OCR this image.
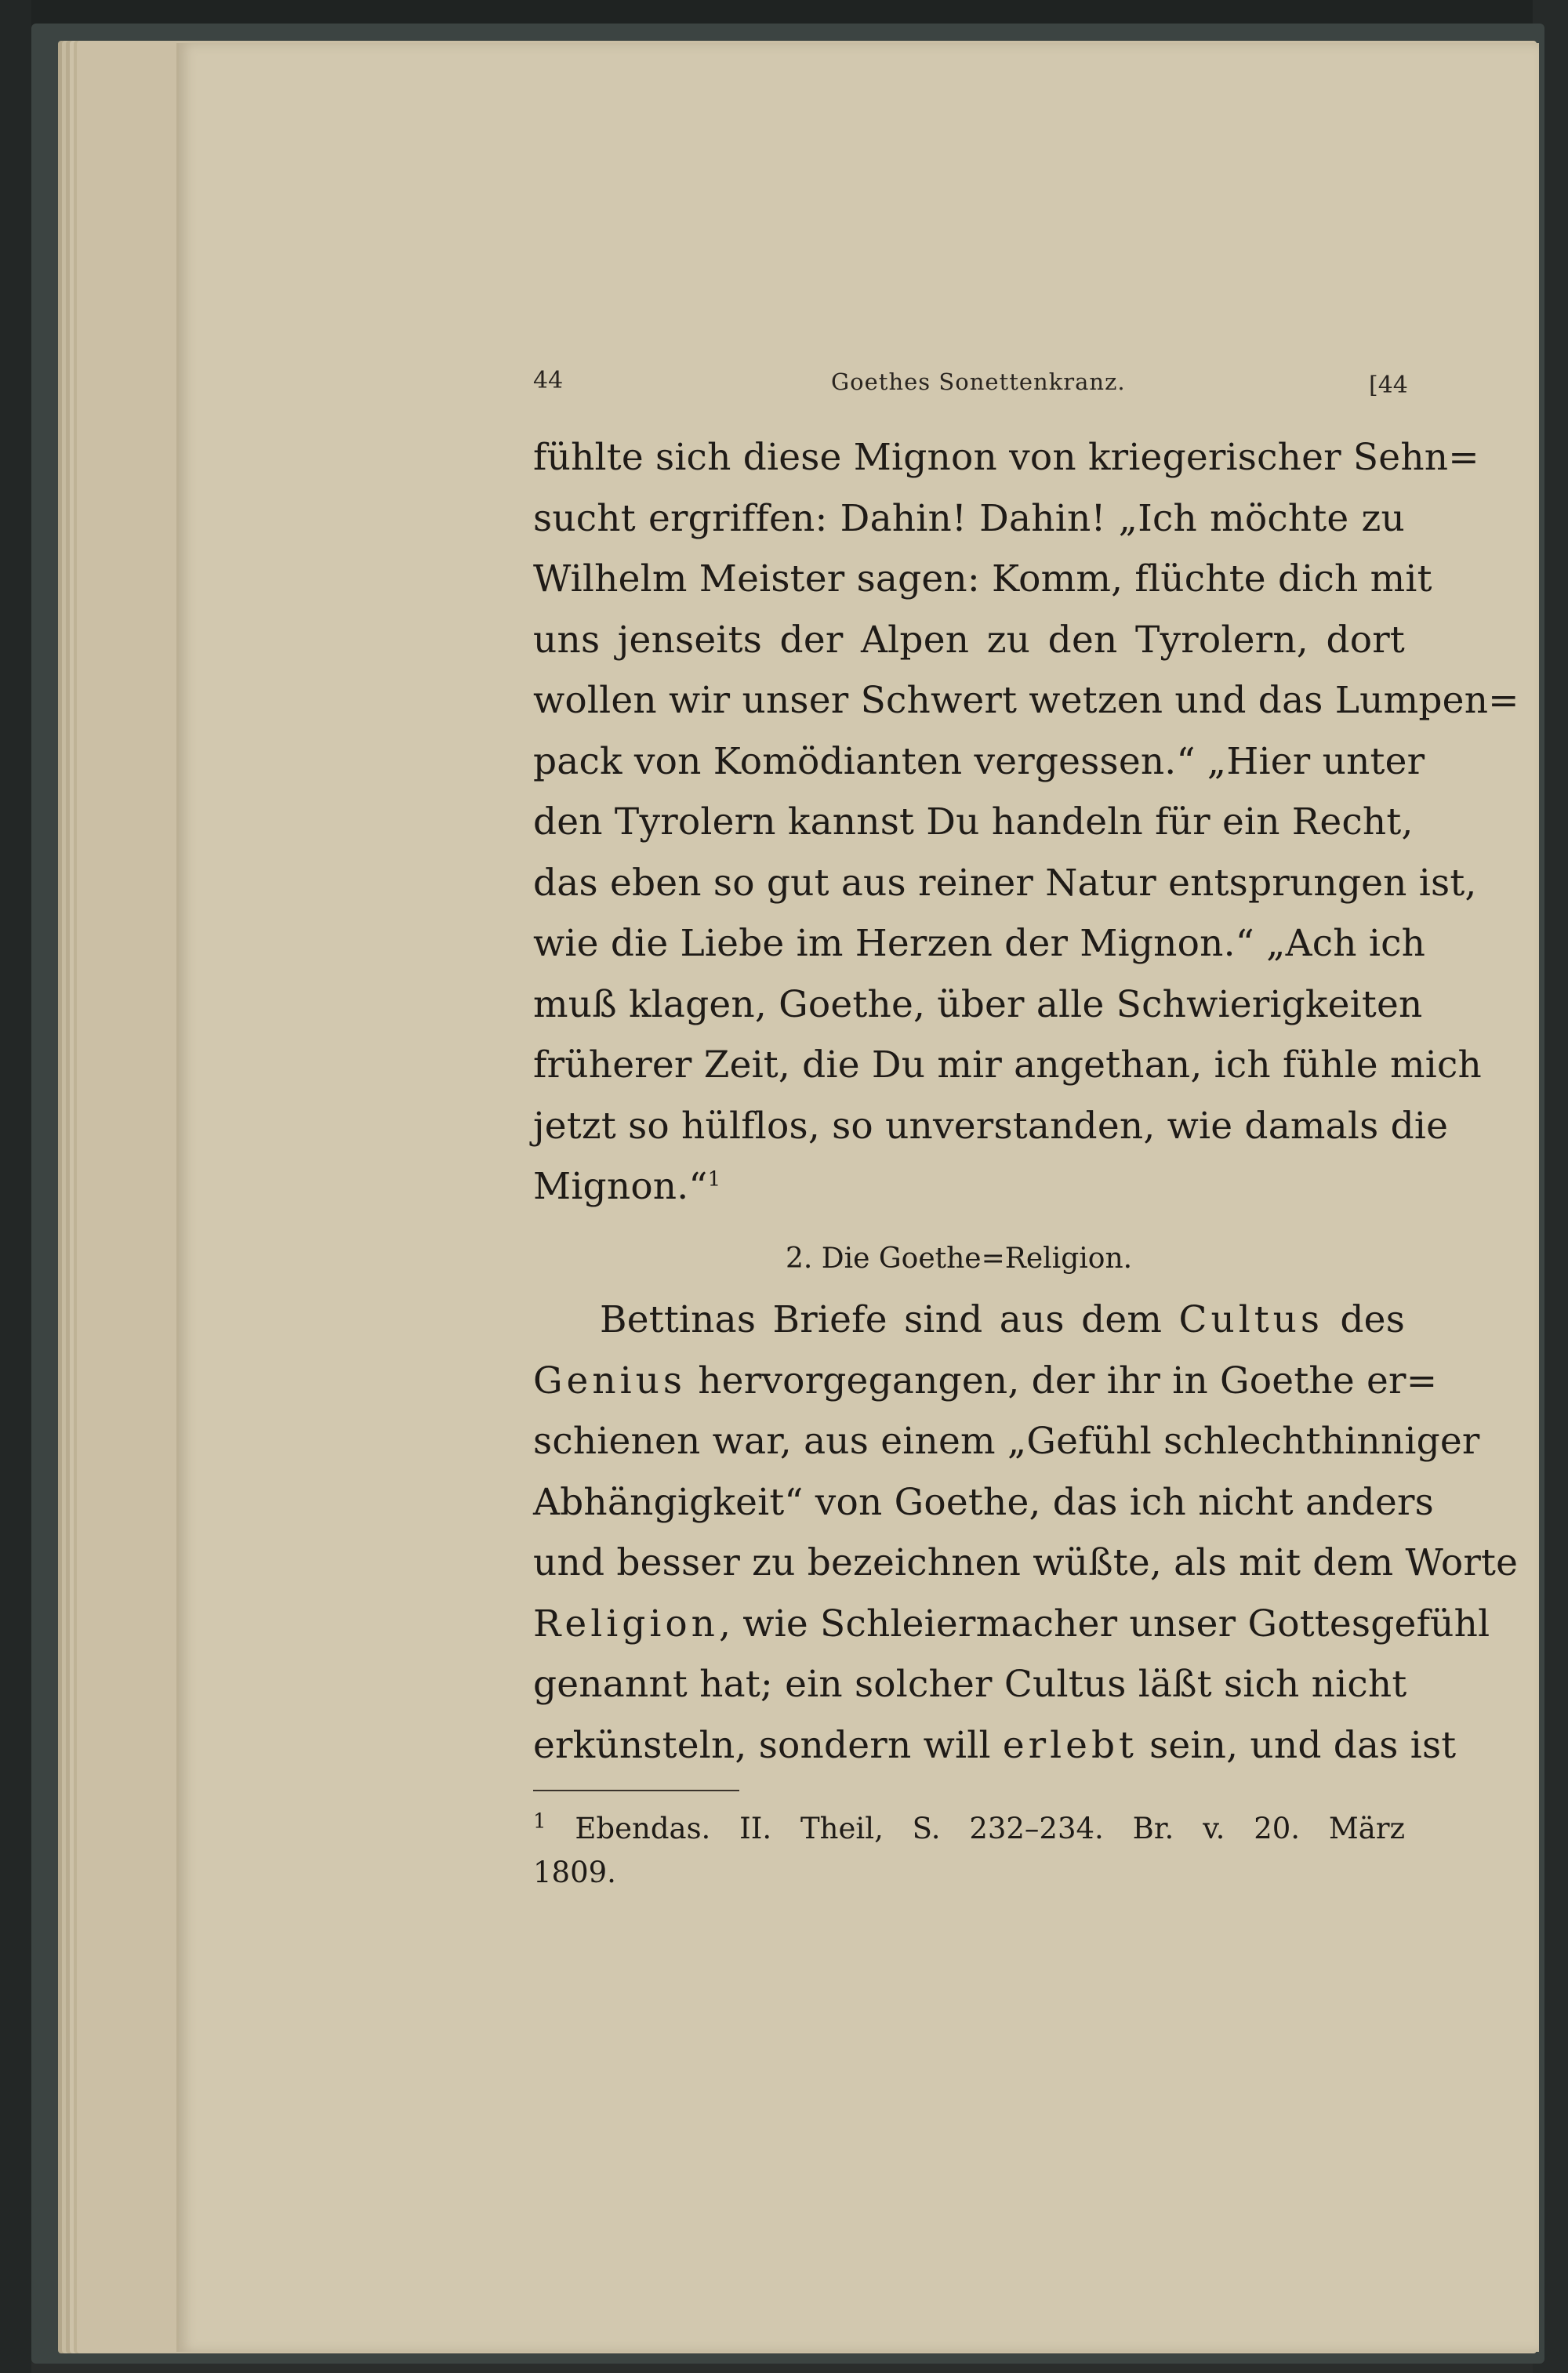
44	Goethes Sonettenkranz.	[44
fühlte sich diese Mignon von kriegerischer Sehn=
sucht ergriffen: Dahin! Dahin! „Ich möchte zu
Wilhelm Meister sagen: Komm, flüchte dich mit
uns jenseits der Alpen zu den Tyrolern, dort
wollen wir unser Schwert wetzen und das Lumpen=
pack von Komödianten vergessen.“ „Hier unter
den Tyrolern kannst Du handeln für ein Recht,
das eben so gut aus reiner Natur entsprungen ist,
wie die Liebe im Herzen der Mignon.“ „Ach ich
muß klagen, Goethe, über alle Schwierigkeiten
früherer Zeit, die Du mir angethan, ich fühle mich
jetzt so hülflos, so unverstanden, wie damals die
Mignon.“$^1$
2. Die Goethe=Religion.
Bettinas Briefe sind aus dem Cultus des
Genius hervorgegangen, der ihr in Goethe er=
schienen war, aus einem „Gefühl schlechthinniger
Abhängigkeit“ von Goethe, das ich nicht anders
und besser zu bezeichnen wüßte, als mit dem Worte
Religion, wie Schleiermacher unser Gottesgefühl
genannt hat; ein solcher Cultus läßt sich nicht
erkünsteln, sondern will erlebt sein, und das ist
$^1$ Ebendas. II. Theil, S. 232–234. Br. v. 20. März
1809.
